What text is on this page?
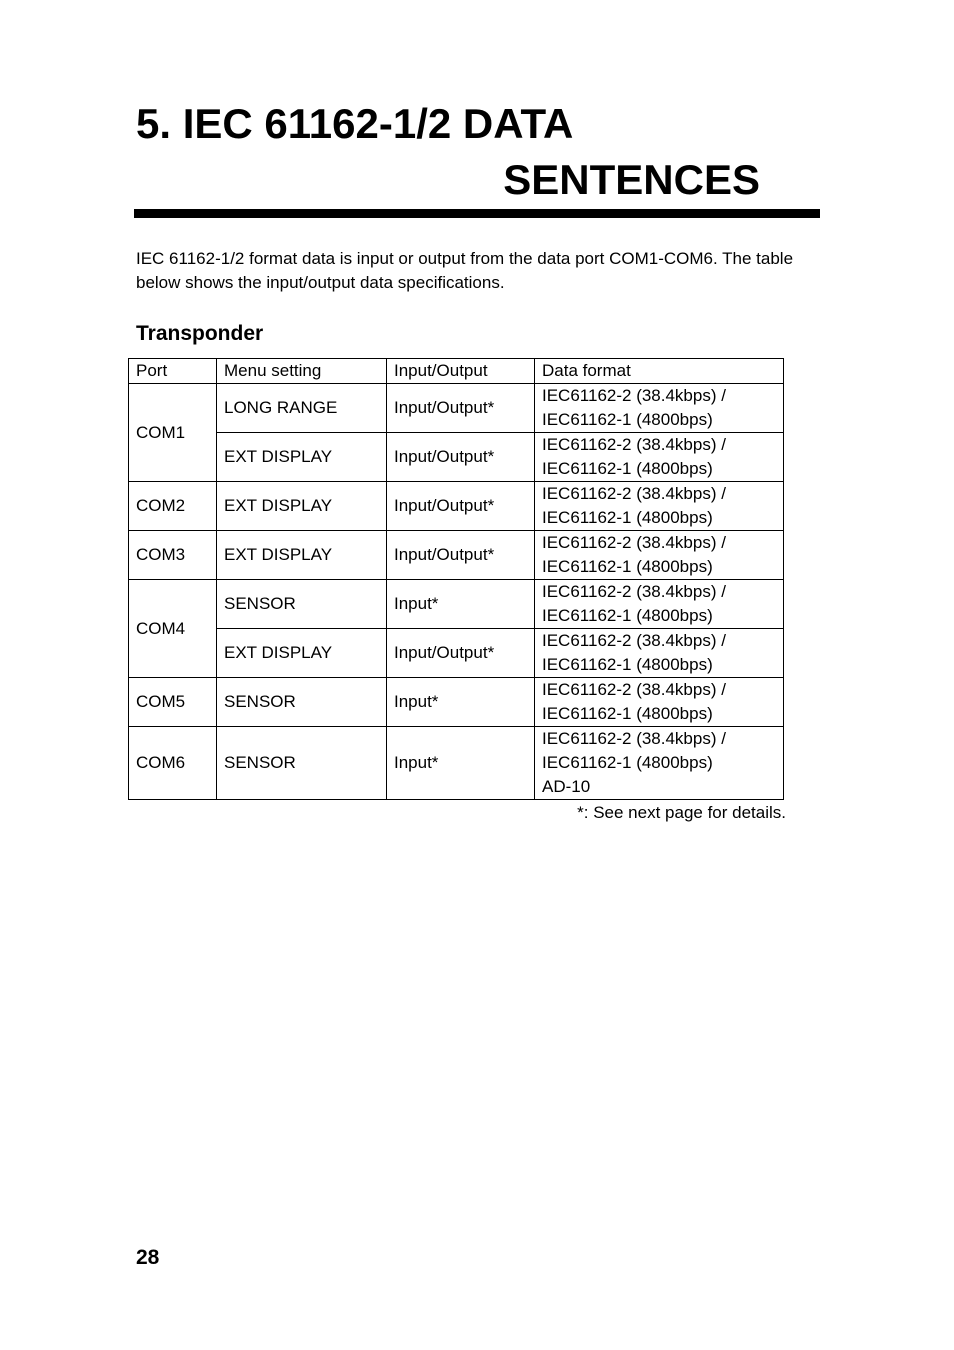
5. IEC 61162-1/2 DATA
SENTENCES

IEC 61162-1/2 format data is input or output from the data port COM1-COM6. The table below shows the input/output data specifications.

Transponder
Port	Menu setting	Input/Output	Data format
COM1	LONG RANGE	Input/Output*	IEC61162-2 (38.4kbps) /
IEC61162-1 (4800bps)

	EXT DISPLAY	Input/Output*	IEC61162-2 (38.4kbps) /
IEC61162-1 (4800bps)

COM2	EXT DISPLAY	Input/Output*	IEC61162-2 (38.4kbps) /
IEC61162-1 (4800bps)

COM3	EXT DISPLAY	Input/Output*	IEC61162-2 (38.4kbps) /
IEC61162-1 (4800bps)

COM4	SENSOR	Input*	IEC61162-2 (38.4kbps) /
IEC61162-1 (4800bps)

	EXT DISPLAY	Input/Output*	IEC61162-2 (38.4kbps) /
IEC61162-1 (4800bps)

COM5	SENSOR	Input*	IEC61162-2 (38.4kbps) /
IEC61162-1 (4800bps)

COM6	SENSOR	Input*	IEC61162-2 (38.4kbps) /
IEC61162-1 (4800bps)
AD-10

*: See next page for details.

28
